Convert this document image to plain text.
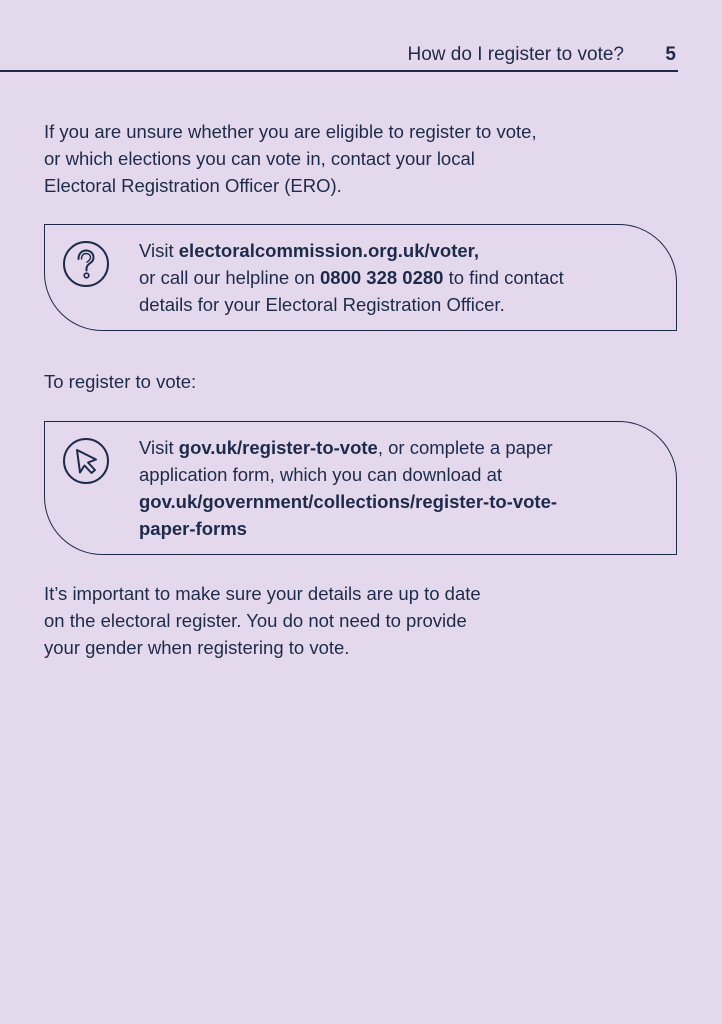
How do I register to vote? 5

If you are unsure whether you are eligible to register to vote,
or which elections you can vote in, contact your local
Electoral Registration Officer (ERO).

Visit electoralcommission.org.uk/voter,
or call our helpline on 0800 328 0280 to find contact
details for your Electoral Registration Officer.

To register to vote:

Visit gov.uk/register-to-vote, or complete a paper
application form, which you can download at
gov.uk/government/collections/register-to-vote-
paper-forms

It’s important to make sure your details are up to date
on the electoral register. You do not need to provide
your gender when registering to vote.
